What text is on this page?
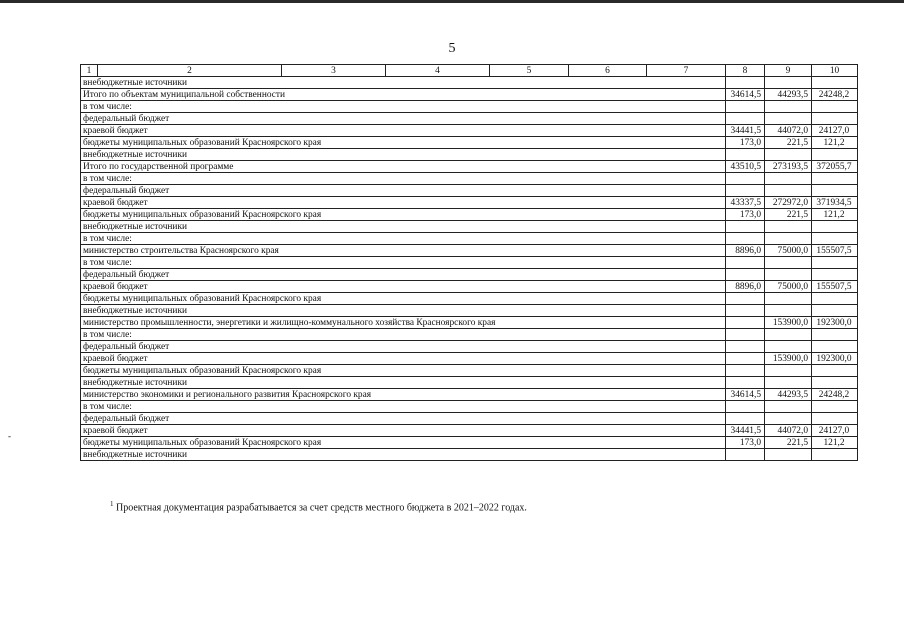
5
-
1	2	3	4	5	6	7	8	9	10
внебюджетные источники									
Итого по объектам муниципальной собственности							34614,5	44293,5	24248,2
в том числе:									
федеральный бюджет									
краевой бюджет							34441,5	44072,0	24127,0
бюджеты муниципальных образований Красноярского края							173,0	221,5	121,2
внебюджетные источники									
Итого по государственной программе							43510,5	273193,5	372055,7
в том числе:									
федеральный бюджет									
краевой бюджет							43337,5	272972,0	371934,5
бюджеты муниципальных образований Красноярского края							173,0	221,5	121,2
внебюджетные источники									
в том числе:									
министерство строительства Красноярского края							8896,0	75000,0	155507,5
в том числе:									
федеральный бюджет									
краевой бюджет							8896,0	75000,0	155507,5
бюджеты муниципальных образований Красноярского края									
внебюджетные источники									
министерство промышленности, энергетики и жилищно-коммунального хозяйства Красноярского края								153900,0	192300,0
в том числе:									
федеральный бюджет									
краевой бюджет								153900,0	192300,0
бюджеты муниципальных образований Красноярского края									
внебюджетные источники									
министерство экономики и регионального развития Красноярского края							34614,5	44293,5	24248,2
в том числе:									
федеральный бюджет									
краевой бюджет							34441,5	44072,0	24127,0
бюджеты муниципальных образований Красноярского края							173,0	221,5	121,2
внебюджетные источники									
$^1$ Проектная документация разрабатывается за счет средств местного бюджета в 2021–2022 годах.
